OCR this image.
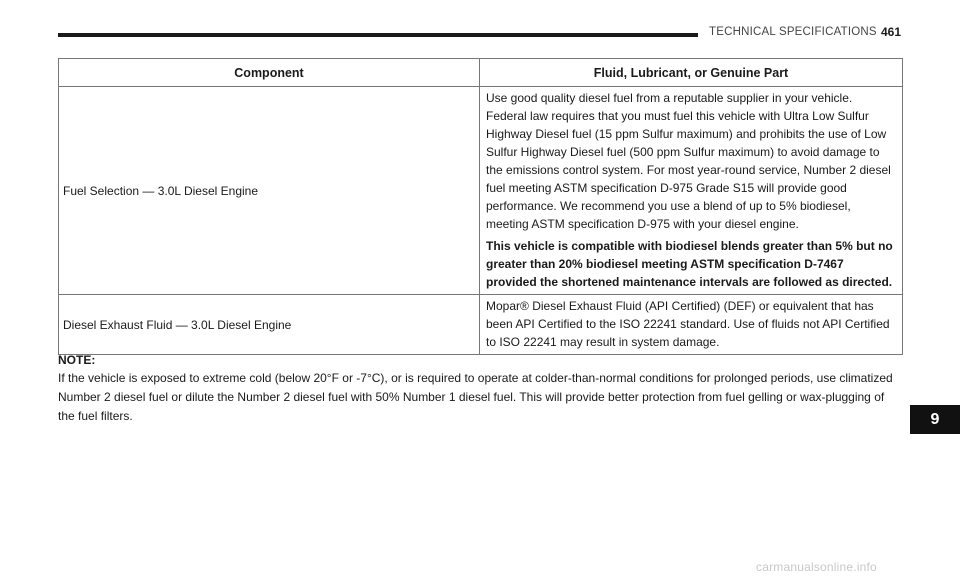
TECHNICAL SPECIFICATIONS 461
Component	Fluid, Lubricant, or Genuine Part
Fuel Selection — 3.0L Diesel Engine	Use good quality diesel fuel from a reputable supplier in your vehicle. Federal law requires that you must fuel this vehicle with Ultra Low Sulfur Highway Diesel fuel (15 ppm Sulfur maximum) and prohibits the use of Low Sulfur Highway Diesel fuel (500 ppm Sulfur maximum) to avoid damage to the emissions control system. For most year-round service, Number 2 diesel fuel meeting ASTM specification D-975 Grade S15 will provide good performance. We recommend you use a blend of up to 5% biodiesel, meeting ASTM specification D-975 with your diesel engine.

This vehicle is compatible with biodiesel blends greater than 5% but no greater than 20% biodiesel meeting ASTM specification D-7467 provided the shortened maintenance intervals are followed as directed.

Diesel Exhaust Fluid — 3.0L Diesel Engine	Mopar® Diesel Exhaust Fluid (API Certified) (DEF) or equivalent that has been API Certified to the ISO 22241 standard. Use of fluids not API Certified to ISO 22241 may result in system damage.

NOTE:

If the vehicle is exposed to extreme cold (below 20°F or -7°C), or is required to operate at colder-than-normal conditions for prolonged periods, use climatized Number 2 diesel fuel or dilute the Number 2 diesel fuel with 50% Number 1 diesel fuel. This will provide better protection from fuel gelling or wax-plugging of the fuel filters.	9
carmanualsonline.info
